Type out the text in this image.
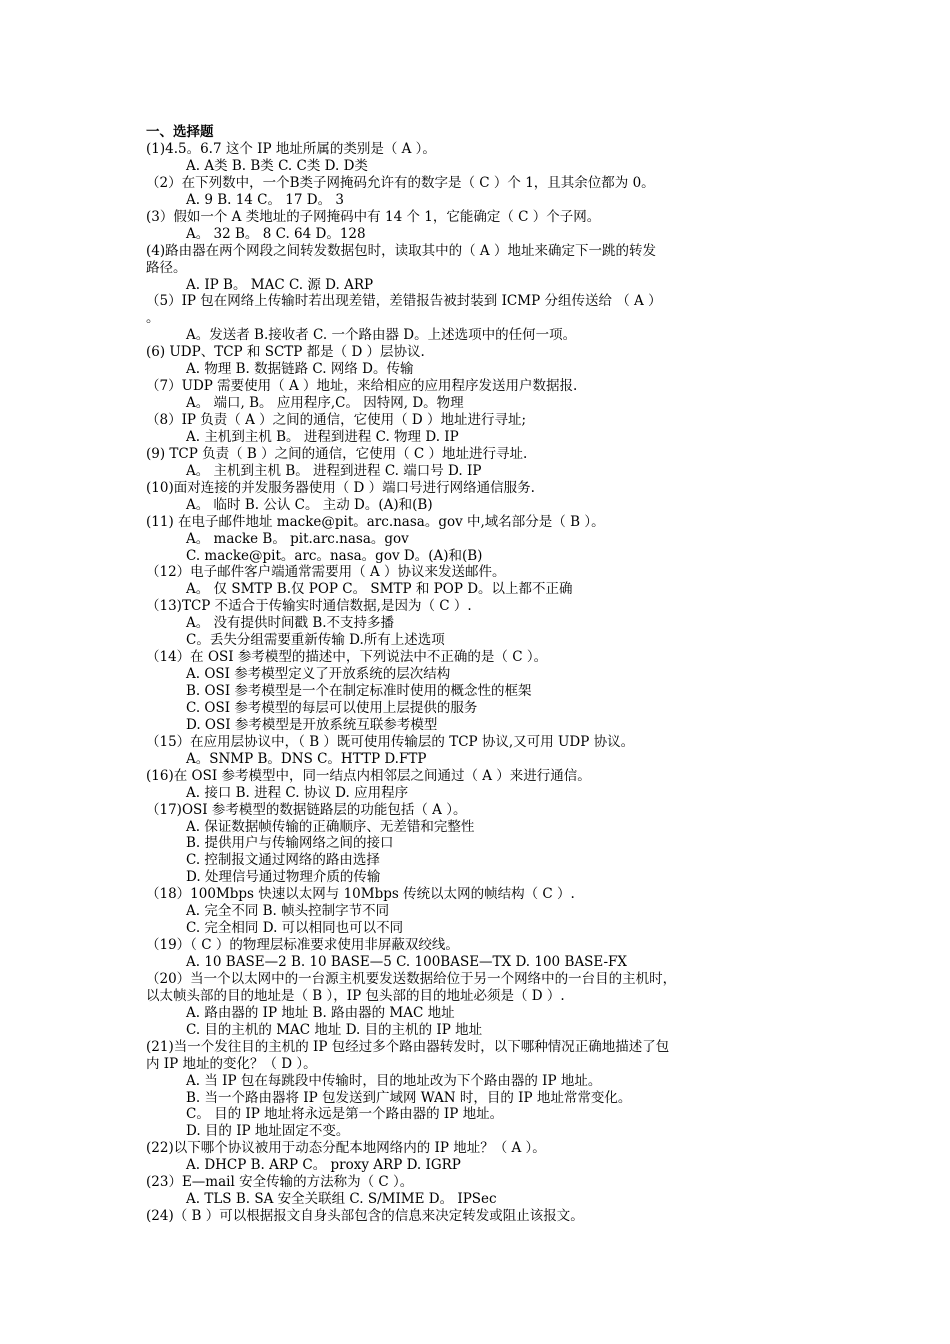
一、选择题
(1)4.5。6.7 这个 IP 地址所属的类别是（ A ）。
A. A类 B. B类 C. C类 D. D类
（2）在下列数中，一个B类子网掩码允许有的数字是（ C ）个 1，且其余位都为 0。
A. 9 B. 14 C。 17 D。 3
(3）假如一个 A 类地址的子网掩码中有 14 个 1，它能确定（ C ）个子网。
A。 32 B。 8 C. 64 D。128
(4)路由器在两个网段之间转发数据包时，读取其中的（ A ）地址来确定下一跳的转发
路径。
A. IP B。 MAC C. 源 D. ARP
（5）IP 包在网络上传输时若出现差错，差错报告被封装到 ICMP 分组传送给 （ A ）
。
A。发送者 B.接收者 C. 一个路由器 D。上述选项中的任何一项。
(6) UDP、TCP 和 SCTP 都是（ D ）层协议.
A. 物理 B. 数据链路 C. 网络 D。传输
（7）UDP 需要使用（ A ）地址，来给相应的应用程序发送用户数据报.
A。 端口, B。 应用程序,C。 因特网, D。物理
（8）IP 负责（ A ）之间的通信，它使用（ D ）地址进行寻址;
A. 主机到主机 B。 进程到进程 C. 物理 D. IP
(9) TCP 负责（ B ）之间的通信，它使用（ C ）地址进行寻址.
A。 主机到主机 B。 进程到进程 C. 端口号 D. IP
(10)面对连接的并发服务器使用（ D ）端口号进行网络通信服务.
A。 临时 B. 公认 C。 主动 D。(A)和(B)
(11) 在电子邮件地址 macke@pit。arc.nasa。gov 中,域名部分是（ B ）。
A。 macke B。 pit.arc.nasa。gov
C. macke@pit。arc。nasa。gov D。(A)和(B)
（12）电子邮件客户端通常需要用（ A ）协议来发送邮件。
A。 仅 SMTP B.仅 POP C。 SMTP 和 POP D。以上都不正确
（13)TCP 不适合于传输实时通信数据,是因为（ C ）.
A。 没有提供时间戳 B.不支持多播
C。丢失分组需要重新传输 D.所有上述选项
（14）在 OSI 参考模型的描述中，下列说法中不正确的是（ C ）。
A. OSI 参考模型定义了开放系统的层次结构
B. OSI 参考模型是一个在制定标准时使用的概念性的框架
C. OSI 参考模型的每层可以使用上层提供的服务
D. OSI 参考模型是开放系统互联参考模型
（15）在应用层协议中，（ B ）既可使用传输层的 TCP 协议,又可用 UDP 协议。
A。SNMP B。DNS C。HTTP D.FTP
(16)在 OSI 参考模型中，同一结点内相邻层之间通过（ A ）来进行通信。
A. 接口 B. 进程 C. 协议 D. 应用程序
（17)OSI 参考模型的数据链路层的功能包括（ A ）。
A. 保证数据帧传输的正确顺序、无差错和完整性
B. 提供用户与传输网络之间的接口
C. 控制报文通过网络的路由选择
D. 处理信号通过物理介质的传输
（18）100Mbps 快速以太网与 10Mbps 传统以太网的帧结构（ C ）.
A. 完全不同 B. 帧头控制字节不同
C. 完全相同 D. 可以相同也可以不同
（19）（ C ）的物理层标准要求使用非屏蔽双绞线。
A. 10 BASE—2 B. 10 BASE—5 C. 100BASE—TX D. 100 BASE-FX
（20）当一个以太网中的一台源主机要发送数据给位于另一个网络中的一台目的主机时，
以太帧头部的目的地址是（ B ），IP 包头部的目的地址必须是（ D ）.
A. 路由器的 IP 地址 B. 路由器的 MAC 地址
C. 目的主机的 MAC 地址 D. 目的主机的 IP 地址
(21)当一个发往目的主机的 IP 包经过多个路由器转发时，以下哪种情况正确地描述了包
内 IP 地址的变化？（ D ）。
A. 当 IP 包在每跳段中传输时，目的地址改为下个路由器的 IP 地址。
B. 当一个路由器将 IP 包发送到广域网 WAN 时，目的 IP 地址常常变化。
C。 目的 IP 地址将永远是第一个路由器的 IP 地址。
D. 目的 IP 地址固定不变。
(22)以下哪个协议被用于动态分配本地网络内的 IP 地址？（ A ）。
A. DHCP B. ARP C。 proxy ARP D. IGRP
(23）E—mail 安全传输的方法称为（ C ）。
A. TLS B. SA 安全关联组 C. S/MIME D。 IPSec
(24)（ B ）可以根据报文自身头部包含的信息来决定转发或阻止该报文。
